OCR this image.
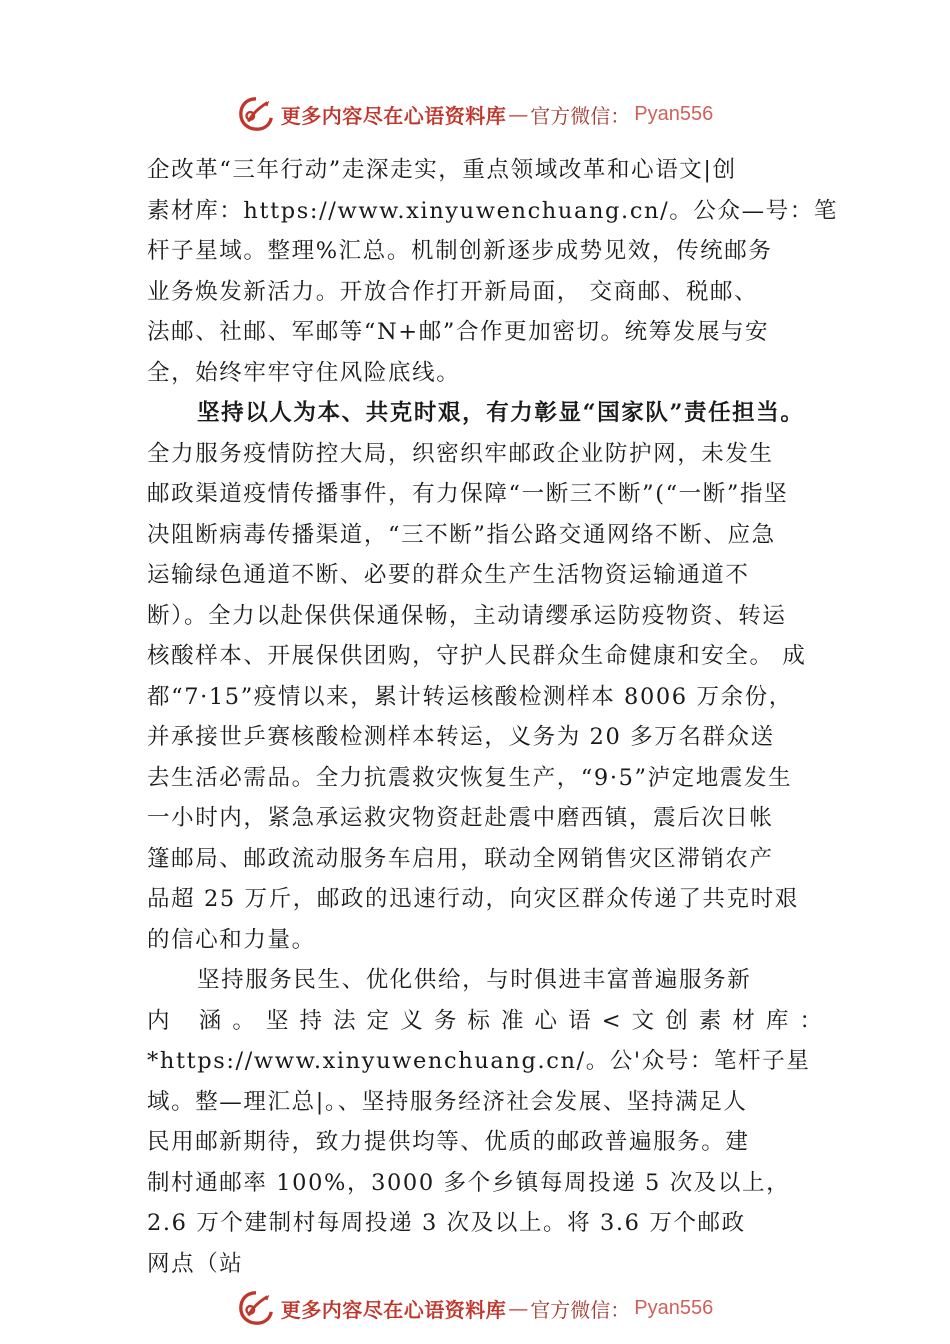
更多内容尽在心语资料库 — 官方微信： Pyan556
企改革“三年行动”走深走实，重点领域改革和心语文|创
素材库：https://www.xinyuwenchuang.cn/。公众—号：笔
杆子星域。整理%汇总。机制创新逐步成势见效，传统邮务
业务焕发新活力。开放合作打开新局面， 交商邮、税邮、
法邮、社邮、军邮等“N+邮”合作更加密切。统筹发展与安
全，始终牢牢守住风险底线。
坚持以人为本、共克时艰，有力彰显“国家队”责任担当。
全力服务疫情防控大局，织密织牢邮政企业防护网，未发生
邮政渠道疫情传播事件，有力保障“一断三不断”(“一断”指坚
决阻断病毒传播渠道，“三不断”指公路交通网络不断、应急
运输绿色通道不断、必要的群众生产生活物资运输通道不
断）。全力以赴保供保通保畅，主动请缨承运防疫物资、转运
核酸样本、开展保供团购，守护人民群众生命健康和安全。 成
都“7·15”疫情以来，累计转运核酸检测样本 8006 万余份，
并承接世乒赛核酸检测样本转运，义务为 20 多万名群众送
去生活必需品。全力抗震救灾恢复生产，“9·5”泸定地震发生
一小时内，紧急承运救灾物资赶赴震中磨西镇，震后次日帐
篷邮局、邮政流动服务车启用，联动全网销售灾区滞销农产
品超 25 万斤，邮政的迅速行动，向灾区群众传递了共克时艰
的信心和力量。
坚持服务民生、优化供给，与时俱进丰富普遍服务新
内 涵。坚持法定义务标准心语<文创素材库：
*https://www.xinyuwenchuang.cn/。公'众号：笔杆子星
域。整—理汇总|。、坚持服务经济社会发展、坚持满足人
民用邮新期待，致力提供均等、优质的邮政普遍服务。建
制村通邮率 100%，3000 多个乡镇每周投递 5 次及以上，
2.6 万个建制村每周投递 3 次及以上。将 3.6 万个邮政
网点（站
更多内容尽在心语资料库 — 官方微信： Pyan556
